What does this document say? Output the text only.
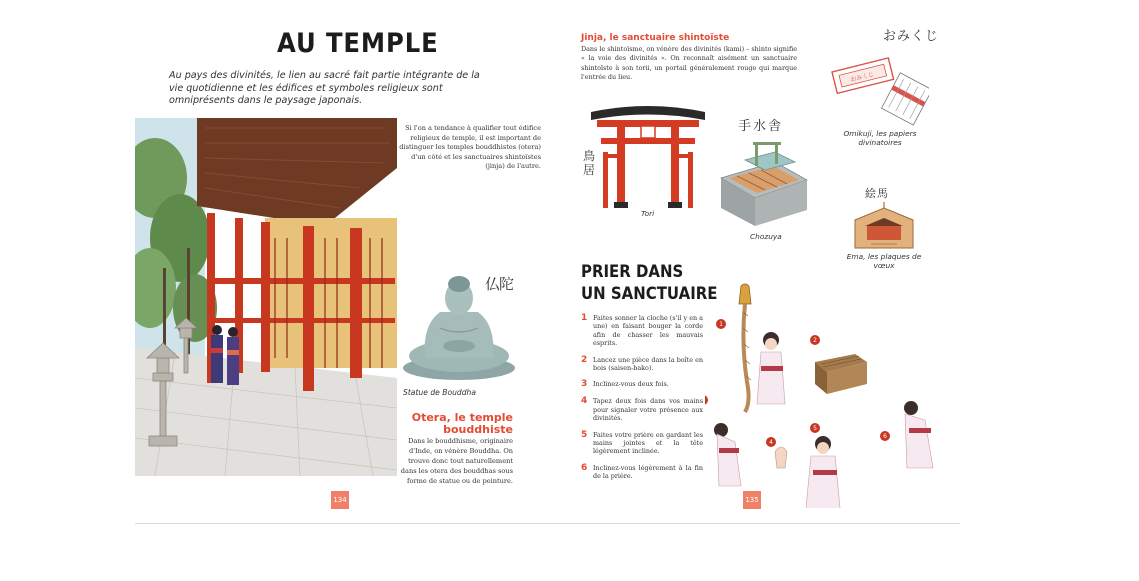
AU TEMPLE
Au pays des divinités, le lien au sacré fait partie intégrante de la vie quotidienne et les édifices et symboles religieux sont omniprésents dans le paysage japonais.
Si l'on a tendance à qualifier tout édifice religieux de temple, il est important de distinguer les temples bouddhistes (otera) d'un côté et les sanctuaires shintoïstes (jinja) de l'autre.
仏陀
Statue de Bouddha
Otera, le temple bouddhiste
Dans le bouddhisme, originaire d'Inde, on vénère Bouddha. On trouve donc tout naturellement dans les otera des bouddhas sous forme de statue ou de peinture.
134
Jinja, le sanctuaire shintoïste
Dans le shintoïsme, on vénère des divinités (kami) – shinto signifie « la voie des divinités ». On reconnaît aisément un sanctuaire shintoïste à son torii, un portail généralement rouge qui marque l'entrée du lieu.
おみくじ
おみくじ
Omikuji, les papiers divinatoires
鳥居
Tori
手水舎
Chozuya
絵馬
Ema, les plaques de vœux
PRIER DANS
UN SANCTUAIRE
1 Faites sonner la cloche (s'il y en a une) en faisant bouger la corde afin de chasser les mauvais esprits.
2 Lancez une pièce dans la boîte en bois (saisen-bako).
3 Inclinez-vous deux fois.
4 Tapez deux fois dans vos mains pour signaler votre présence aux divinités.
5 Faites votre prière en gardant les mains jointes et la tête légèrement inclinée.
6 Inclinez-vous légèrement à la fin de la prière.
1
2
4
5
6
135
